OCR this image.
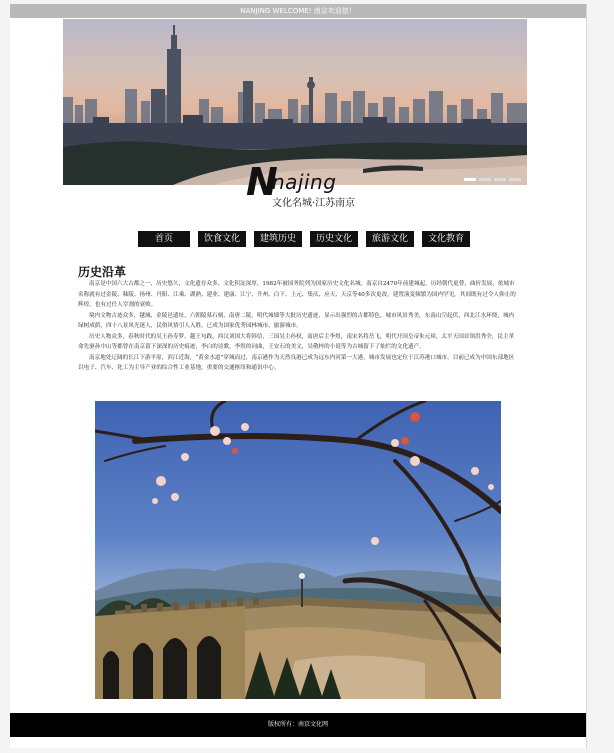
NANJING WELCOME! 南京欢迎您！
N
najing
文化名城·江苏南京
首页	饮食文化	建筑历史	历史文化	旅游文化	文化教育
历史沿革

南京是中国六大古都之一，历史悠久，文化遗存众多，文化积淀深厚，1982年被国务院列为国家历史文化名城。南京自2470年前建城起，历经朝代更替，曲折发展，依城市名称就有过金陵、秣陵、扬州、丹阳、江乘、湖熟、建业、建康、江宁、升州、白下、上元、集庆、应天、天京等40多次更改，建置演变频繁为国内罕见。其间既有过令人仰止的辉煌，也有过任人宰割的衰败。

境内文物古迹众多，越城、金陵邑遗址，六朝陵墓石刻，南唐二陵，明代城墙等大批历史遗迹，显示出强烈的古都特色。城市风景秀美，东南山空起伏，西北江水环绕，城内绿树成荫，四十八景风光迷人，民俗风情引人入胜，已成为国家优秀园林城市，旅游城市。

历史人物众多，春秋时代的吴王孙寿梦、越王句践，西汉刘国大将韩信，三国吴主孙权，南唐后主李煜，南宋名将岳飞，明代开国皇帝朱元璋，太平天国首领洪秀全，民主革命先驱孙中山等都曾在南京留下深深的历史痕迹，李白的诗歌，李煜的词曲，王安石的美文，吴敬梓的小说等为古城留下了灿烂的文化遗产。

南京地处辽阔的长江下游平原，滨江近海，“黄金水道”穿城而过，南京港作为天然良港已成为远东内河第一大港，城市发展也定位于江苏港口城市，目前已成为中国东部地区以电子、汽车、化工为主导产业的综合性工业基地，重要的交通枢纽和通讯中心。

版权所有：南京文化网
